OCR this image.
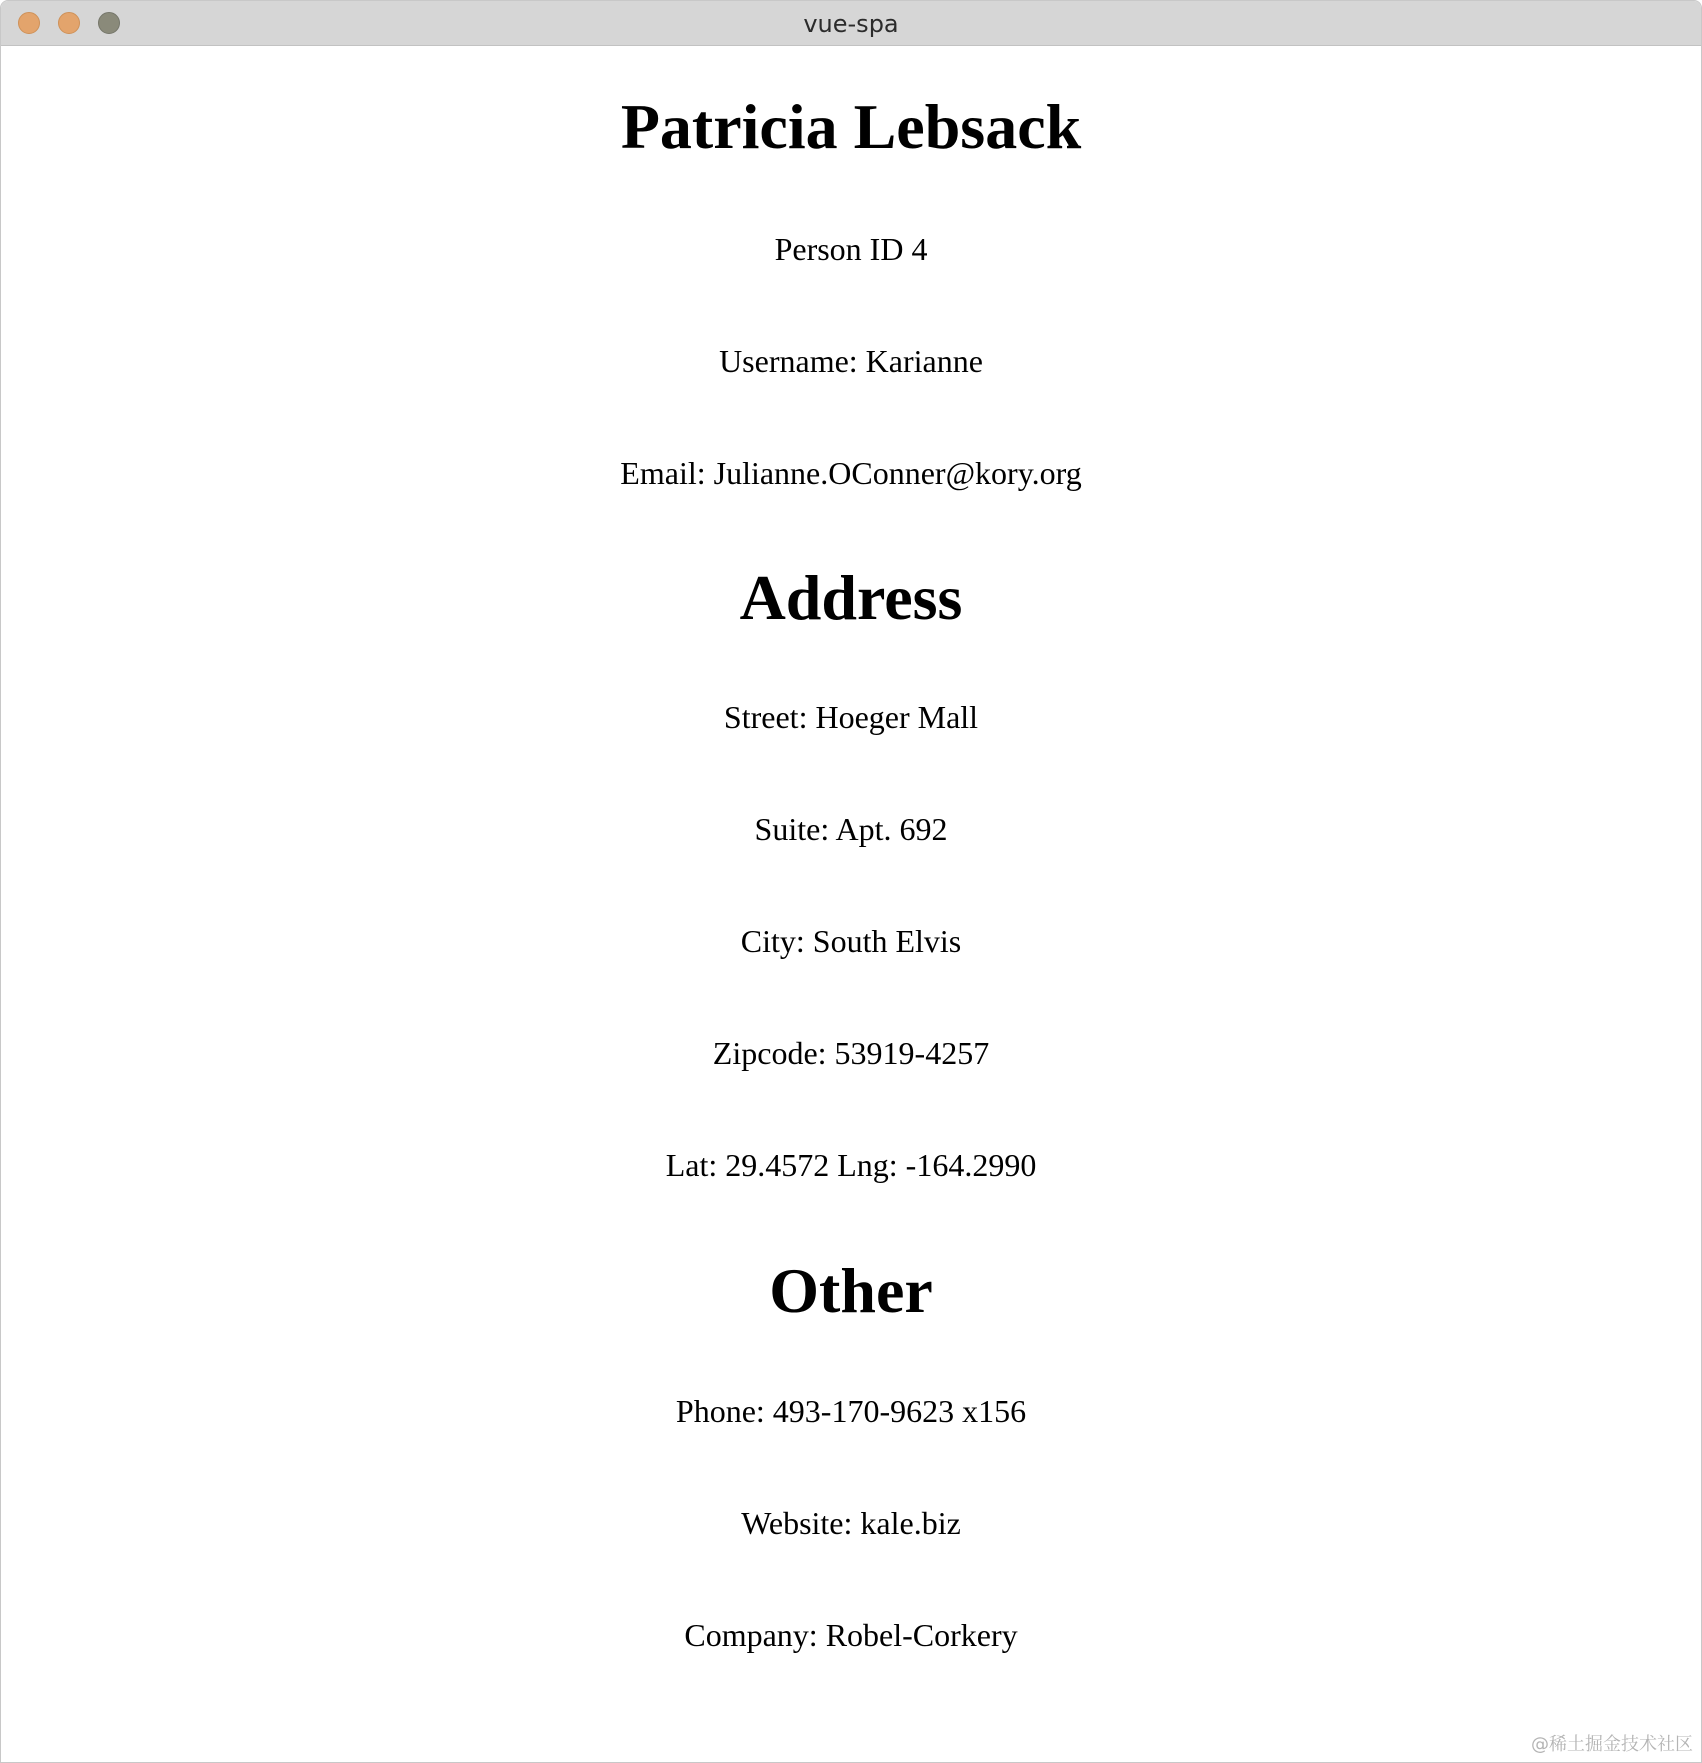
vue-spa
Patricia Lebsack

Person ID 4

Username: Karianne

Email: Julianne.OConner@kory.org

Address

Street: Hoeger Mall

Suite: Apt. 692

City: South Elvis

Zipcode: 53919-4257

Lat: 29.4572 Lng: -164.2990

Other

Phone: 493-170-9623 x156

Website: kale.biz

Company: Robel-Corkery

@稀土掘金技术社区
